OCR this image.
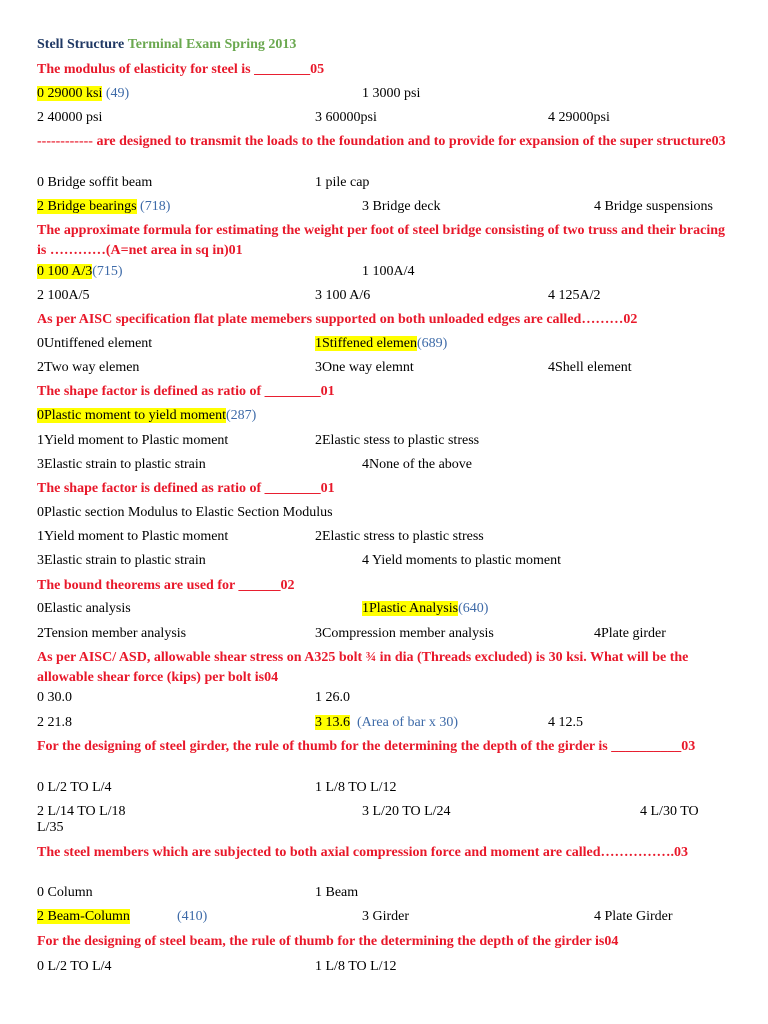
Stell Structure Terminal Exam Spring 2013
The modulus of elasticity for steel is ________05
0 29000 ksi (49)	1 3000 psi
2 40000 psi	3 60000psi	4 29000psi
------------ are designed to transmit the loads to the foundation and to provide for expansion of the super structure03
0 Bridge soffit beam	1 pile cap
2 Bridge bearings (718)	3 Bridge deck	4 Bridge suspensions
The approximate formula for estimating the weight per foot of steel bridge consisting of two truss and their bracing is …………(A=net area in sq in)01
0 100 A/3(715)	1 100A/4
2 100A/5	3 100 A/6	4 125A/2
As per AISC specification flat plate memebers supported on both unloaded edges are called………02
0Untiffened element	1Stiffened elemen(689)
2Two way elemen	3One way elemnt	4Shell element
The shape factor is defined as ratio of ________01
0Plastic moment to yield moment(287)
1Yield moment to Plastic moment	2Elastic stess to plastic stress
3Elastic strain to plastic strain	4None of the above
The shape factor is defined as ratio of ________01
0Plastic section Modulus to Elastic Section Modulus
1Yield moment to Plastic moment	2Elastic stress to plastic stress
3Elastic strain to plastic strain	4 Yield moments to plastic moment
The bound theorems are used for ______02
0Elastic analysis	1Plastic Analysis(640)
2Tension member analysis	3Compression member analysis	4Plate girder
As per AISC/ ASD, allowable shear stress on A325 bolt ¾ in dia (Threads excluded) is 30 ksi. What will be the allowable shear force (kips) per bolt is04
0 30.0	1 26.0
2 21.8	3 13.6 (Area of bar x 30)	4 12.5
For the designing of steel girder, the rule of thumb for the determining the depth of the girder is __________03
0 L/2 TO L/4	1 L/8 TO L/12
2 L/14 TO L/18	3 L/20 TO L/24	4 L/30 TO
L/35
The steel members which are subjected to both axial compression force and moment are called…………….03
0 Column	1 Beam
2 Beam-Column	(410)	3 Girder	4 Plate Girder
For the designing of steel beam, the rule of thumb for the determining the depth of the girder is04
0 L/2 TO L/4	1 L/8 TO L/12
